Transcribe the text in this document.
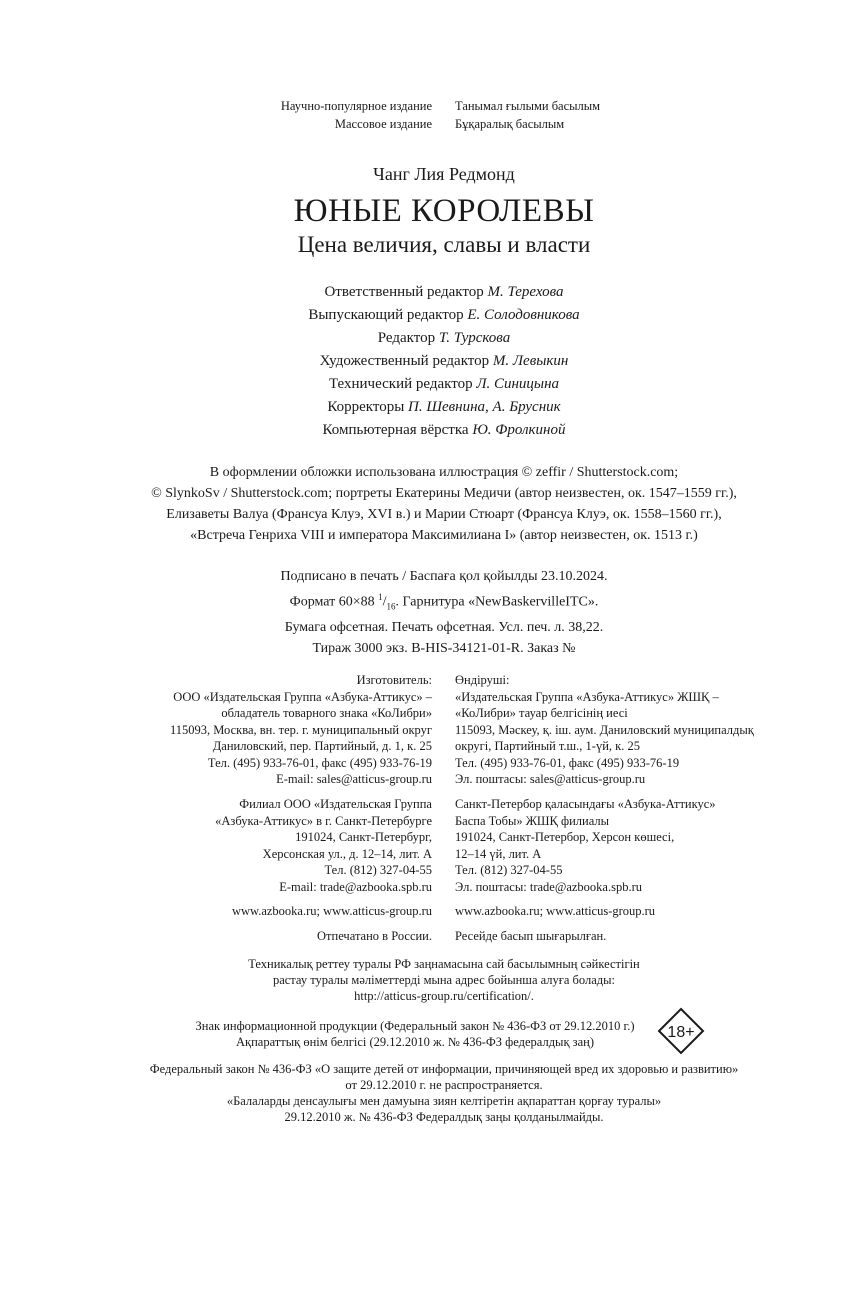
Научно-популярное издание
Массовое издание
Танымал ғылыми басылым
Бұқаралық басылым
Чанг Лия Редмонд
ЮНЫЕ КОРОЛЕВЫ
Цена величия, славы и власти
Ответственный редактор М. Терехова
Выпускающий редактор Е. Солодовникова
Редактор Т. Турскова
Художественный редактор М. Левыкин
Технический редактор Л. Синицына
Корректоры П. Шевнина, А. Брусник
Компьютерная вёрстка Ю. Фролкиной
В оформлении обложки использована иллюстрация © zeffir / Shutterstock.com;
© SlynkoSv / Shutterstock.com; портреты Екатерины Медичи (автор неизвестен, ок. 1547–1559 гг.),
Елизаветы Валуа (Франсуа Клуэ, XVI в.) и Марии Стюарт (Франсуа Клуэ, ок. 1558–1560 гг.),
«Встреча Генриха VIII и императора Максимилиана I» (автор неизвестен, ок. 1513 г.)
Подписано в печать / Баспаға қол қойылды 23.10.2024.
Формат 60×88 $^1/_{16}$. Гарнитура «NewBaskervilleITC».
Бумага офсетная. Печать офсетная. Усл. печ. л. 38,22.
Тираж 3000 экз. B-HIS-34121-01-R. Заказ №
Изготовитель:
ООО «Издательская Группа «Азбука-Аттикус» –
обладатель товарного знака «КоЛибри»
115093, Москва, вн. тер. г. муниципальный округ
Даниловский, пер. Партийный, д. 1, к. 25
Тел. (495) 933-76-01, факс (495) 933-76-19
E-mail: sales@atticus-group.ru
Өндіруші:
«Издательская Группа «Азбука-Аттикус» ЖШҚ –
«КоЛибри» тауар белгісінің иесі
115093, Мәскеу, қ. іш. аум. Даниловский муниципалдық
округі, Партийный т.ш., 1-үй, к. 25
Тел. (495) 933-76-01, факс (495) 933-76-19
Эл. поштасы: sales@atticus-group.ru
Филиал ООО «Издательская Группа
«Азбука-Аттикус» в г. Санкт-Петербурге
191024, Санкт-Петербург,
Херсонская ул., д. 12–14, лит. А
Тел. (812) 327-04-55
E-mail: trade@azbooka.spb.ru
Санкт-Петербор қаласындағы «Азбука-Аттикус»
Баспа Тобы» ЖШҚ филиалы
191024, Санкт-Петербор, Херсон көшесі,
12–14 үй, лит. А
Тел. (812) 327-04-55
Эл. поштасы: trade@azbooka.spb.ru
www.azbooka.ru; www.atticus-group.ru www.azbooka.ru; www.atticus-group.ru
Отпечатано в России. Ресейде басып шығарылған.
Техникалық реттеу туралы РФ заңнамасына сай басылымның сәйкестігін
растау туралы мәліметтерді мына адрес бойынша алуға болады:
http://atticus-group.ru/certification/.
Знак информационной продукции (Федеральный закон № 436-ФЗ от 29.12.2010 г.)
Ақпараттық өнім белгісі (29.12.2010 ж. № 436-ФЗ федералдық заң)
18+
Федеральный закон № 436-ФЗ «О защите детей от информации, причиняющей вред их здоровью и развитию»
от 29.12.2010 г. не распространяется.
«Балаларды денсаулығы мен дамуына зиян келтіретін ақпараттан қорғау туралы»
29.12.2010 ж. № 436-ФЗ Федералдық заңы қолданылмайды.
